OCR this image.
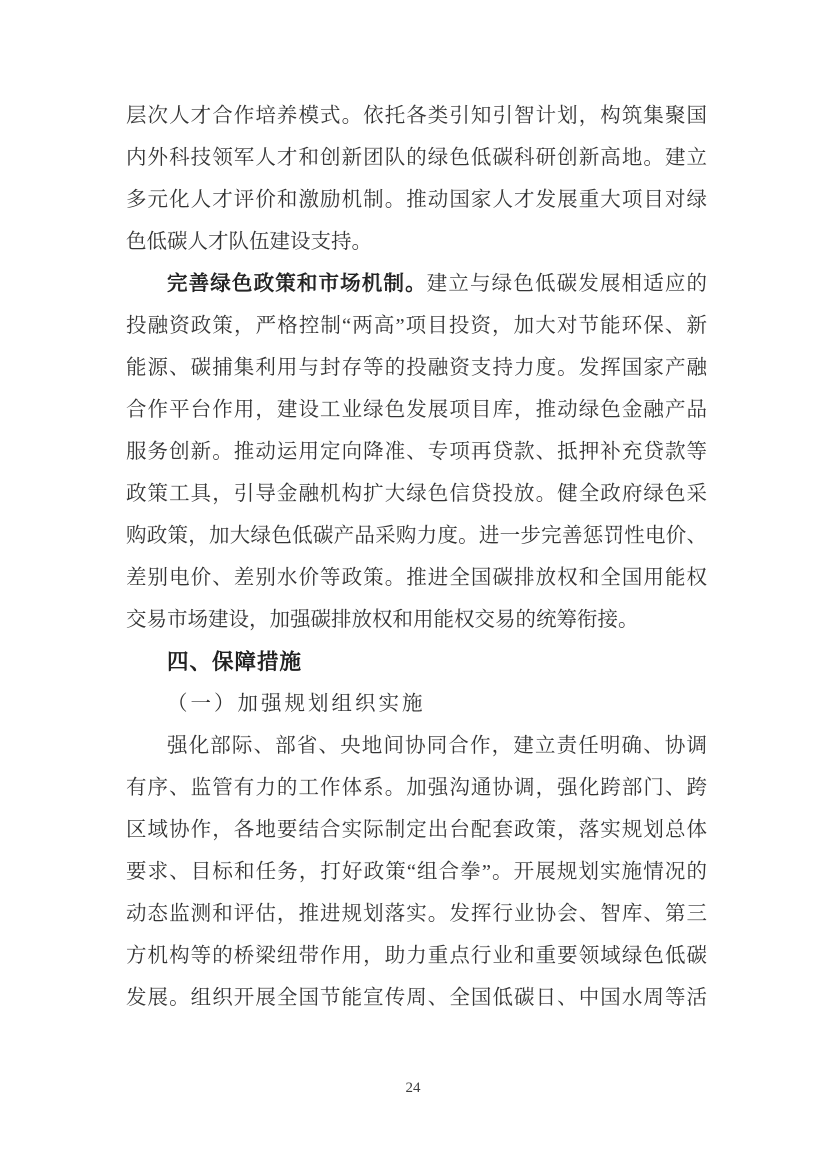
层次人才合作培养模式。依托各类引知引智计划，构筑集聚国
内外科技领军人才和创新团队的绿色低碳科研创新高地。建立
多元化人才评价和激励机制。推动国家人才发展重大项目对绿
色低碳人才队伍建设支持。
完善绿色政策和市场机制。建立与绿色低碳发展相适应的
投融资政策，严格控制“两高”项目投资，加大对节能环保、新
能源、碳捕集利用与封存等的投融资支持力度。发挥国家产融
合作平台作用，建设工业绿色发展项目库，推动绿色金融产品
服务创新。推动运用定向降准、专项再贷款、抵押补充贷款等
政策工具，引导金融机构扩大绿色信贷投放。健全政府绿色采
购政策，加大绿色低碳产品采购力度。进一步完善惩罚性电价、
差别电价、差别水价等政策。推进全国碳排放权和全国用能权
交易市场建设，加强碳排放权和用能权交易的统筹衔接。
四、保障措施
（一）加强规划组织实施
强化部际、部省、央地间协同合作，建立责任明确、协调
有序、监管有力的工作体系。加强沟通协调，强化跨部门、跨
区域协作，各地要结合实际制定出台配套政策，落实规划总体
要求、目标和任务，打好政策“组合拳”。开展规划实施情况的
动态监测和评估，推进规划落实。发挥行业协会、智库、第三
方机构等的桥梁纽带作用，助力重点行业和重要领域绿色低碳
发展。组织开展全国节能宣传周、全国低碳日、中国水周等活
24
